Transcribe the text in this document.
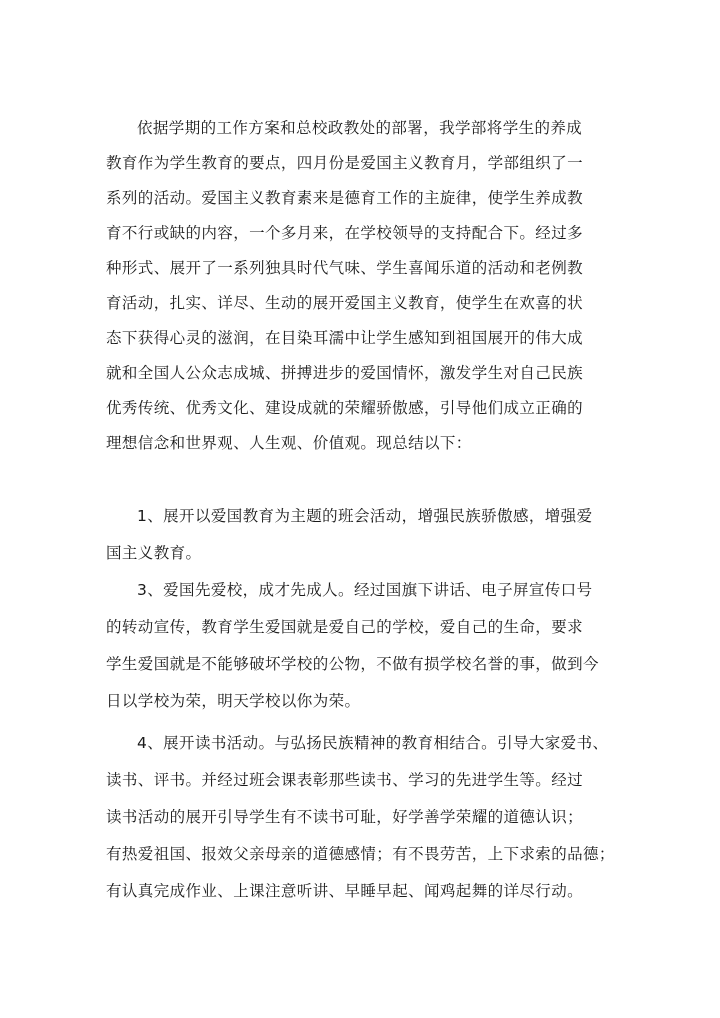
依据学期的工作方案和总校政教处的部署，我学部将学生的养成
教育作为学生教育的要点，四月份是爱国主义教育月，学部组织了一
系列的活动。爱国主义教育素来是德育工作的主旋律，使学生养成教
育不行或缺的内容，一个多月来，在学校领导的支持配合下。经过多
种形式、展开了一系列独具时代气味、学生喜闻乐道的活动和老例教
育活动，扎实、详尽、生动的展开爱国主义教育，使学生在欢喜的状
态下获得心灵的滋润，在目染耳濡中让学生感知到祖国展开的伟大成
就和全国人公众志成城、拼搏进步的爱国情怀，激发学生对自己民族
优秀传统、优秀文化、建设成就的荣耀骄傲感，引导他们成立正确的
理想信念和世界观、人生观、价值观。现总结以下：
1、展开以爱国教育为主题的班会活动，增强民族骄傲感，增强爱
国主义教育。
3、爱国先爱校，成才先成人。经过国旗下讲话、电子屏宣传口号
的转动宣传，教育学生爱国就是爱自己的学校，爱自己的生命，要求
学生爱国就是不能够破坏学校的公物，不做有损学校名誉的事，做到今
日以学校为荣，明天学校以你为荣。
4、展开读书活动。与弘扬民族精神的教育相结合。引导大家爱书、
读书、评书。并经过班会课表彰那些读书、学习的先进学生等。经过
读书活动的展开引导学生有不读书可耻，好学善学荣耀的道德认识；
有热爱祖国、报效父亲母亲的道德感情；有不畏劳苦，上下求索的品德；
有认真完成作业、上课注意听讲、早睡早起、闻鸡起舞的详尽行动。
